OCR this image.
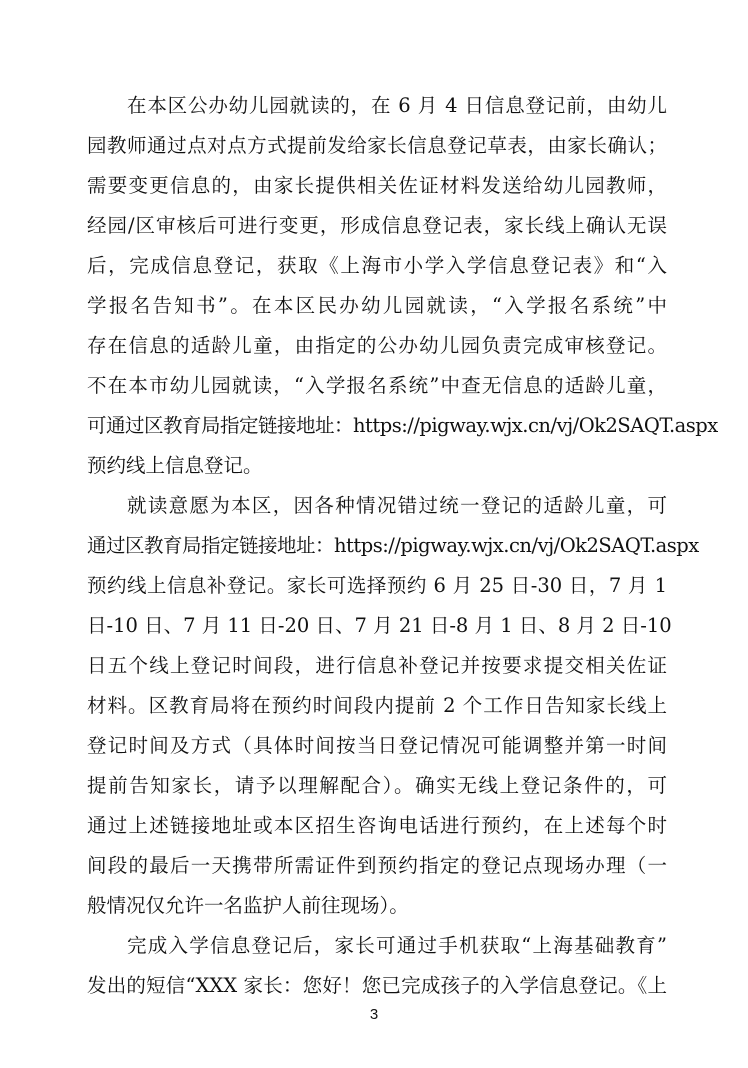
在本区公办幼儿园就读的，在 6 月 4 日信息登记前，由幼儿
园教师通过点对点方式提前发给家长信息登记草表，由家长确认；
需要变更信息的，由家长提供相关佐证材料发送给幼儿园教师，
经园/区审核后可进行变更，形成信息登记表，家长线上确认无误
后，完成信息登记，获取《上海市小学入学信息登记表》和“入
学报名告知书”。在本区民办幼儿园就读，“入学报名系统”中
存在信息的适龄儿童，由指定的公办幼儿园负责完成审核登记。
不在本市幼儿园就读，“入学报名系统”中查无信息的适龄儿童，
可通过区教育局指定链接地址：https://pigway.wjx.cn/vj/Ok2SAQT.aspx
预约线上信息登记。
就读意愿为本区，因各种情况错过统一登记的适龄儿童，可
通过区教育局指定链接地址：https://pigway.wjx.cn/vj/Ok2SAQT.aspx
预约线上信息补登记。家长可选择预约 6 月 25 日-30 日，7 月 1
日-10 日、7 月 11 日-20 日、7 月 21 日-8 月 1 日、8 月 2 日-10
日五个线上登记时间段，进行信息补登记并按要求提交相关佐证
材料。区教育局将在预约时间段内提前 2 个工作日告知家长线上
登记时间及方式（具体时间按当日登记情况可能调整并第一时间
提前告知家长，请予以理解配合）。确实无线上登记条件的，可
通过上述链接地址或本区招生咨询电话进行预约，在上述每个时
间段的最后一天携带所需证件到预约指定的登记点现场办理（一
般情况仅允许一名监护人前往现场）。
完成入学信息登记后，家长可通过手机获取“上海基础教育”
发出的短信“XXX 家长：您好！您已完成孩子的入学信息登记。《上
3
